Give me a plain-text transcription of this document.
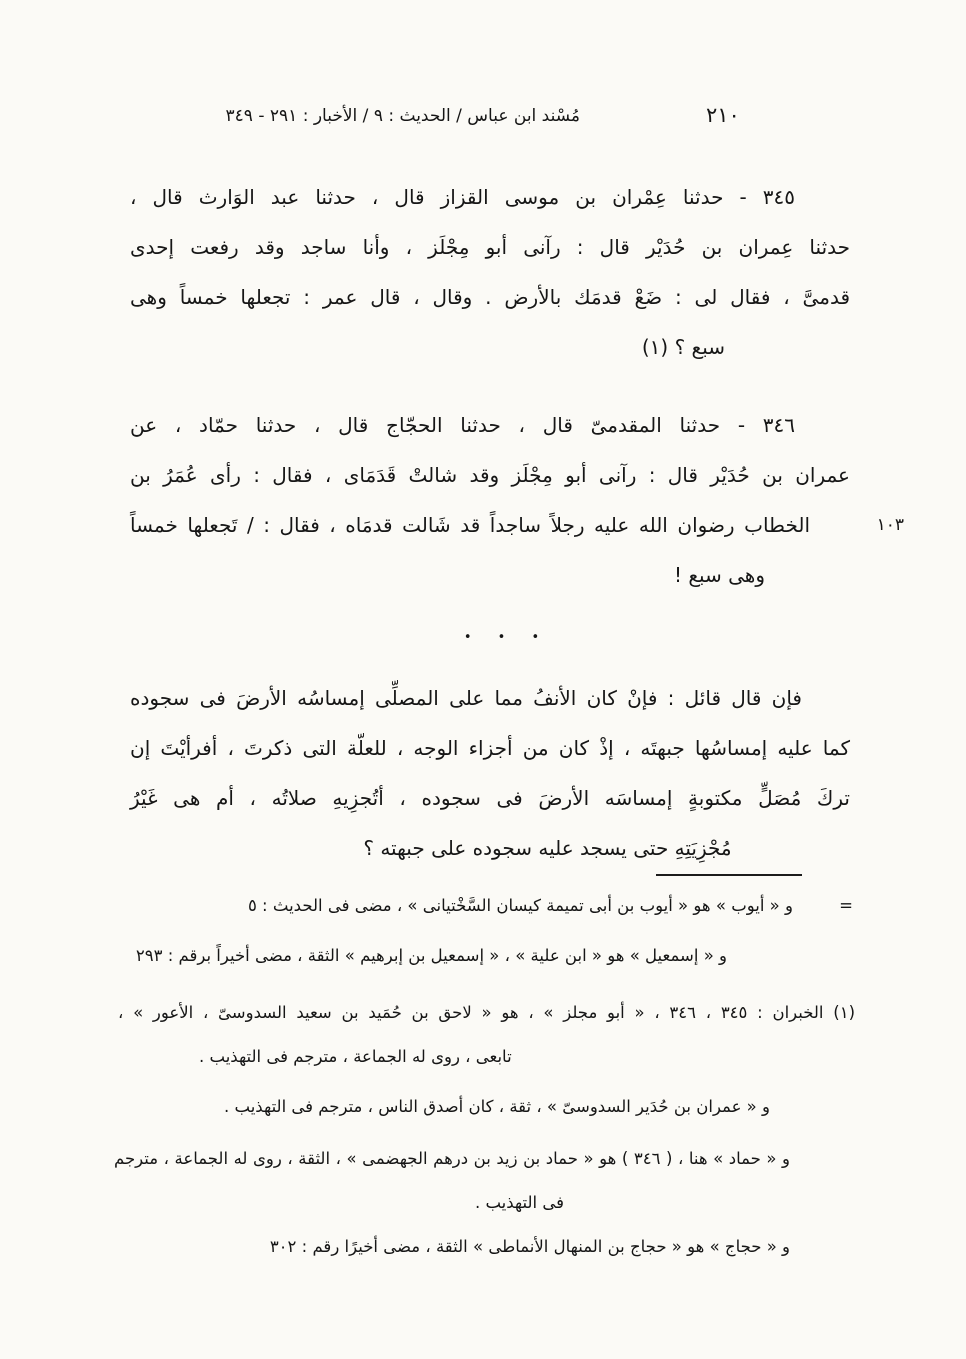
مُسْند ابن عباس / الحديث : ٩ / الأخبار : ٢٩١ - ٣٤٩	٢١٠
٣٤٥ - حدثنا عِمْران بن موسى القزاز قال ، حدثنا عبد الوَارث قال ،
حدثنا عِمران بن حُدَيْر قال : رآنى أبو مِجْلَز ، وأنا ساجد وقد رفعت إحدى
قدمىَّ ، فقال لى : ضَعْ قدمَك بالأرض . وقال ، قال عمر : تجعلها خمساً وهى
سبع ؟ (١)
٣٤٦ - حدثنا المقدمىّ قال ، حدثنا الحجّاج قال ، حدثنا حمّاد ، عن
عمران بن حُدَيْر قال : رآنى أبو مِجْلَز وقد شالتْ قَدَمَاى ، فقال : رأى عُمَرُ بن
١٠٣
الخطاب رضوان الله عليه رجلاً ساجداً قد شَالت قدمَاه ، فقال : / تَجعلها خمساً
وهى سبع !
• • •
فإن قال قائل : فإنْ كان الأنفُ مما على المصلِّى إمساسُه الأرضَ فى سجوده
كما عليه إمساسُها جبهتَه ، إذْ كان من أجزاء الوجه ، للعلّة التى ذكرتَ ، أفرأيْتَ إن
تركَ مُصَلٍّ مكتوبةٍ إمساسَه الأرضَ فى سجوده ، أتُجزِيهِ صلاتُه ، أم هى غَيْرُ
مُجْزِيَتِهِ حتى يسجد عليه سجوده على جبهته ؟
=
و « أيوب » هو « أيوب بن أبى تميمة كيسان السَّخْتيانى » ، مضى فى الحديث : ٥
و « إسمعيل » هو « ابن علية » ، « إسمعيل بن إبرهيم » الثقة ، مضى أخيراً برقم : ٢٩٣
(١) الخبران : ٣٤٥ ، ٣٤٦ ، « أبو مجلز » ، هو « لاحق بن حُمَيد بن سعيد السدوسىّ ، الأعور » ،
تابعى ، روى له الجماعة ، مترجم فى التهذيب .
و « عمران بن حُدَير السدوسىّ » ، ثقة ، كان أصدق الناس ، مترجم فى التهذيب .
و « حماد » هنا ، ( ٣٤٦ ) هو « حماد بن زيد بن درهم الجهضمى » ، الثقة ، روى له الجماعة ، مترجم
فى التهذيب .
و « حجاج » هو « حجاج بن المنهال الأنماطى » الثقة ، مضى أخيرًا رقم : ٣٠٢
